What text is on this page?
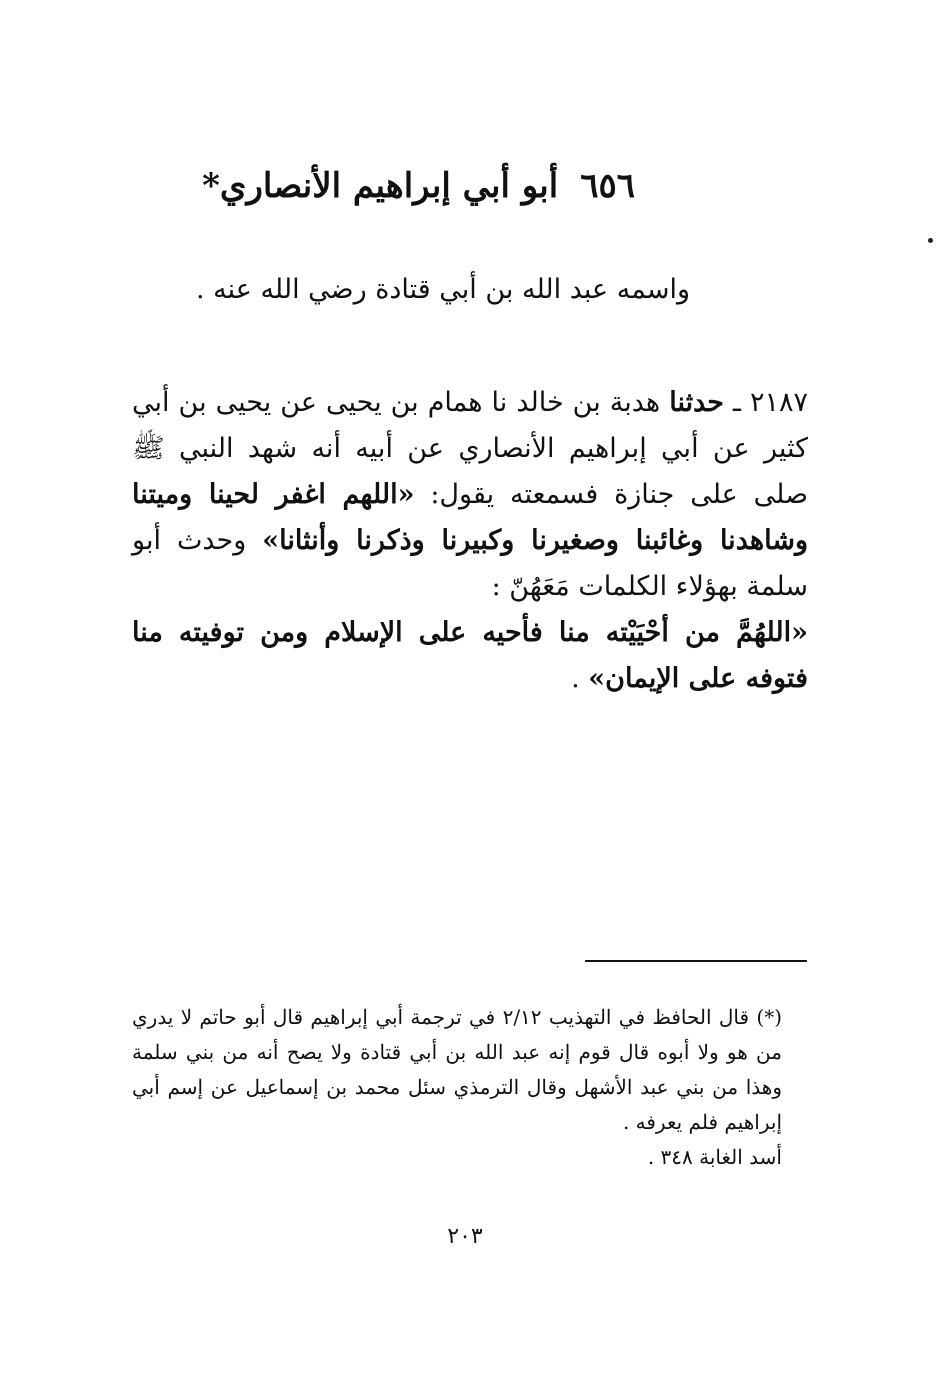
٦٥٦أبو أبي إبراهيم الأنصاري*
واسمه عبد الله بن أبي قتادة رضي الله عنه .

٢١٨٧ ـ حدثنا هدبة بن خالد نا همام بن يحيى عن يحيى بن أبي كثير عن أبي إبراهيم الأنصاري عن أبيه أنه شهد النبي ﷺ صلى على جنازة فسمعته يقول: «اللهم اغفر لحينا وميتنا وشاهدنا وغائبنا وصغيرنا وكبيرنا وذكرنا وأنثانا» وحدث أبو سلمة بهؤلاء الكلمات مَعَهُنّ :

«اللهُمَّ من أحْيَيْته منا فأحيه على الإسلام ومن توفيته منا فتوفه على الإيمان» .

(*) قال الحافظ في التهذيب ٢/١٢ في ترجمة أبي إبراهيم قال أبو حاتم لا يدري من هو ولا أبوه قال قوم إنه عبد الله بن أبي قتادة ولا يصح أنه من بني سلمة وهذا من بني عبد الأشهل وقال الترمذي سئل محمد بن إسماعيل عن إسم أبي إبراهيم فلم يعرفه .

أسد الغابة ٣٤٨ .

٢٠٣
